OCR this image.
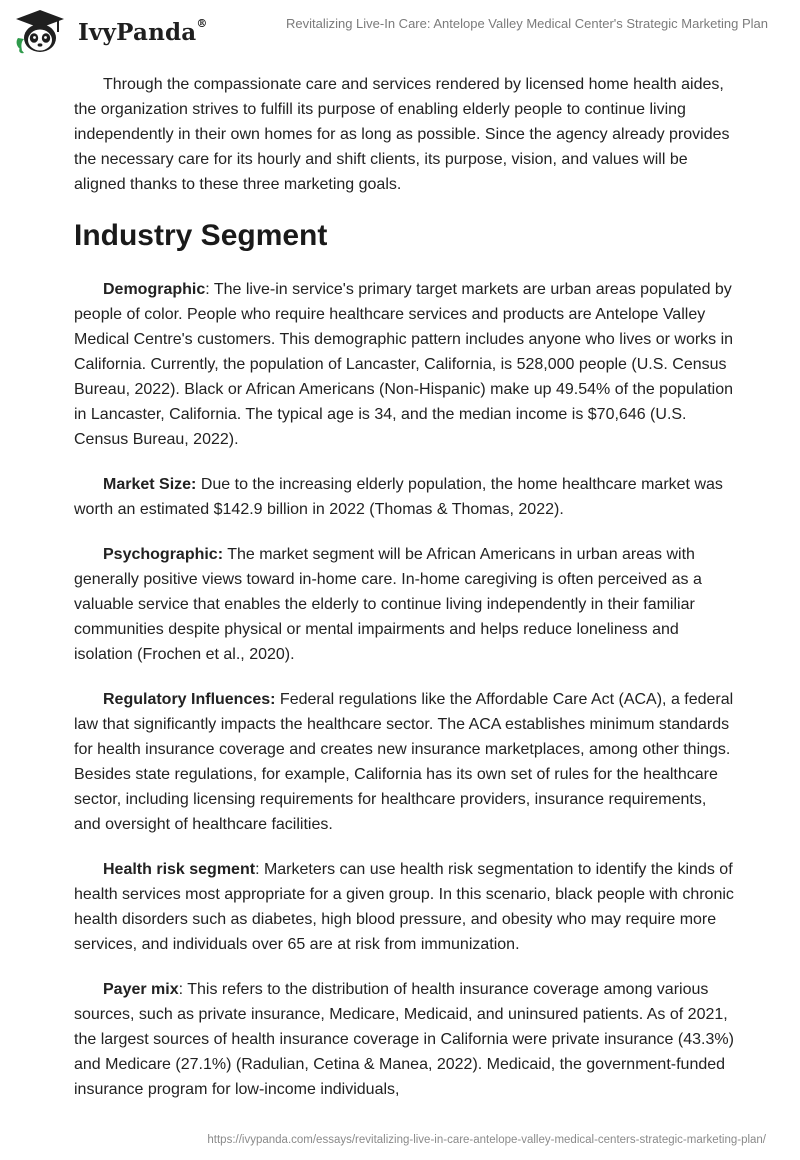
IvyPanda®	Revitalizing Live-In Care: Antelope Valley Medical Center's Strategic Marketing Plan

Through the compassionate care and services rendered by licensed home health aides, the organization strives to fulfill its purpose of enabling elderly people to continue living independently in their own homes for as long as possible. Since the agency already provides the necessary care for its hourly and shift clients, its purpose, vision, and values will be aligned thanks to these three marketing goals.

Industry Segment

Demographic: The live-in service's primary target markets are urban areas populated by people of color. People who require healthcare services and products are Antelope Valley Medical Centre's customers. This demographic pattern includes anyone who lives or works in California. Currently, the population of Lancaster, California, is 528,000 people (U.S. Census Bureau, 2022). Black or African Americans (Non-Hispanic) make up 49.54% of the population in Lancaster, California. The typical age is 34, and the median income is $70,646 (U.S. Census Bureau, 2022).

Market Size: Due to the increasing elderly population, the home healthcare market was worth an estimated $142.9 billion in 2022 (Thomas & Thomas, 2022).

Psychographic: The market segment will be African Americans in urban areas with generally positive views toward in-home care. In-home caregiving is often perceived as a valuable service that enables the elderly to continue living independently in their familiar communities despite physical or mental impairments and helps reduce loneliness and isolation (Frochen et al., 2020).

Regulatory Influences: Federal regulations like the Affordable Care Act (ACA), a federal law that significantly impacts the healthcare sector. The ACA establishes minimum standards for health insurance coverage and creates new insurance marketplaces, among other things. Besides state regulations, for example, California has its own set of rules for the healthcare sector, including licensing requirements for healthcare providers, insurance requirements, and oversight of healthcare facilities.

Health risk segment: Marketers can use health risk segmentation to identify the kinds of health services most appropriate for a given group. In this scenario, black people with chronic health disorders such as diabetes, high blood pressure, and obesity who may require more services, and individuals over 65 are at risk from immunization.

Payer mix: This refers to the distribution of health insurance coverage among various sources, such as private insurance, Medicare, Medicaid, and uninsured patients. As of 2021, the largest sources of health insurance coverage in California were private insurance (43.3%) and Medicare (27.1%) (Radulian, Cetina & Manea, 2022). Medicaid, the government-funded insurance program for low-income individuals,

https://ivypanda.com/essays/revitalizing-live-in-care-antelope-valley-medical-centers-strategic-marketing-plan/
